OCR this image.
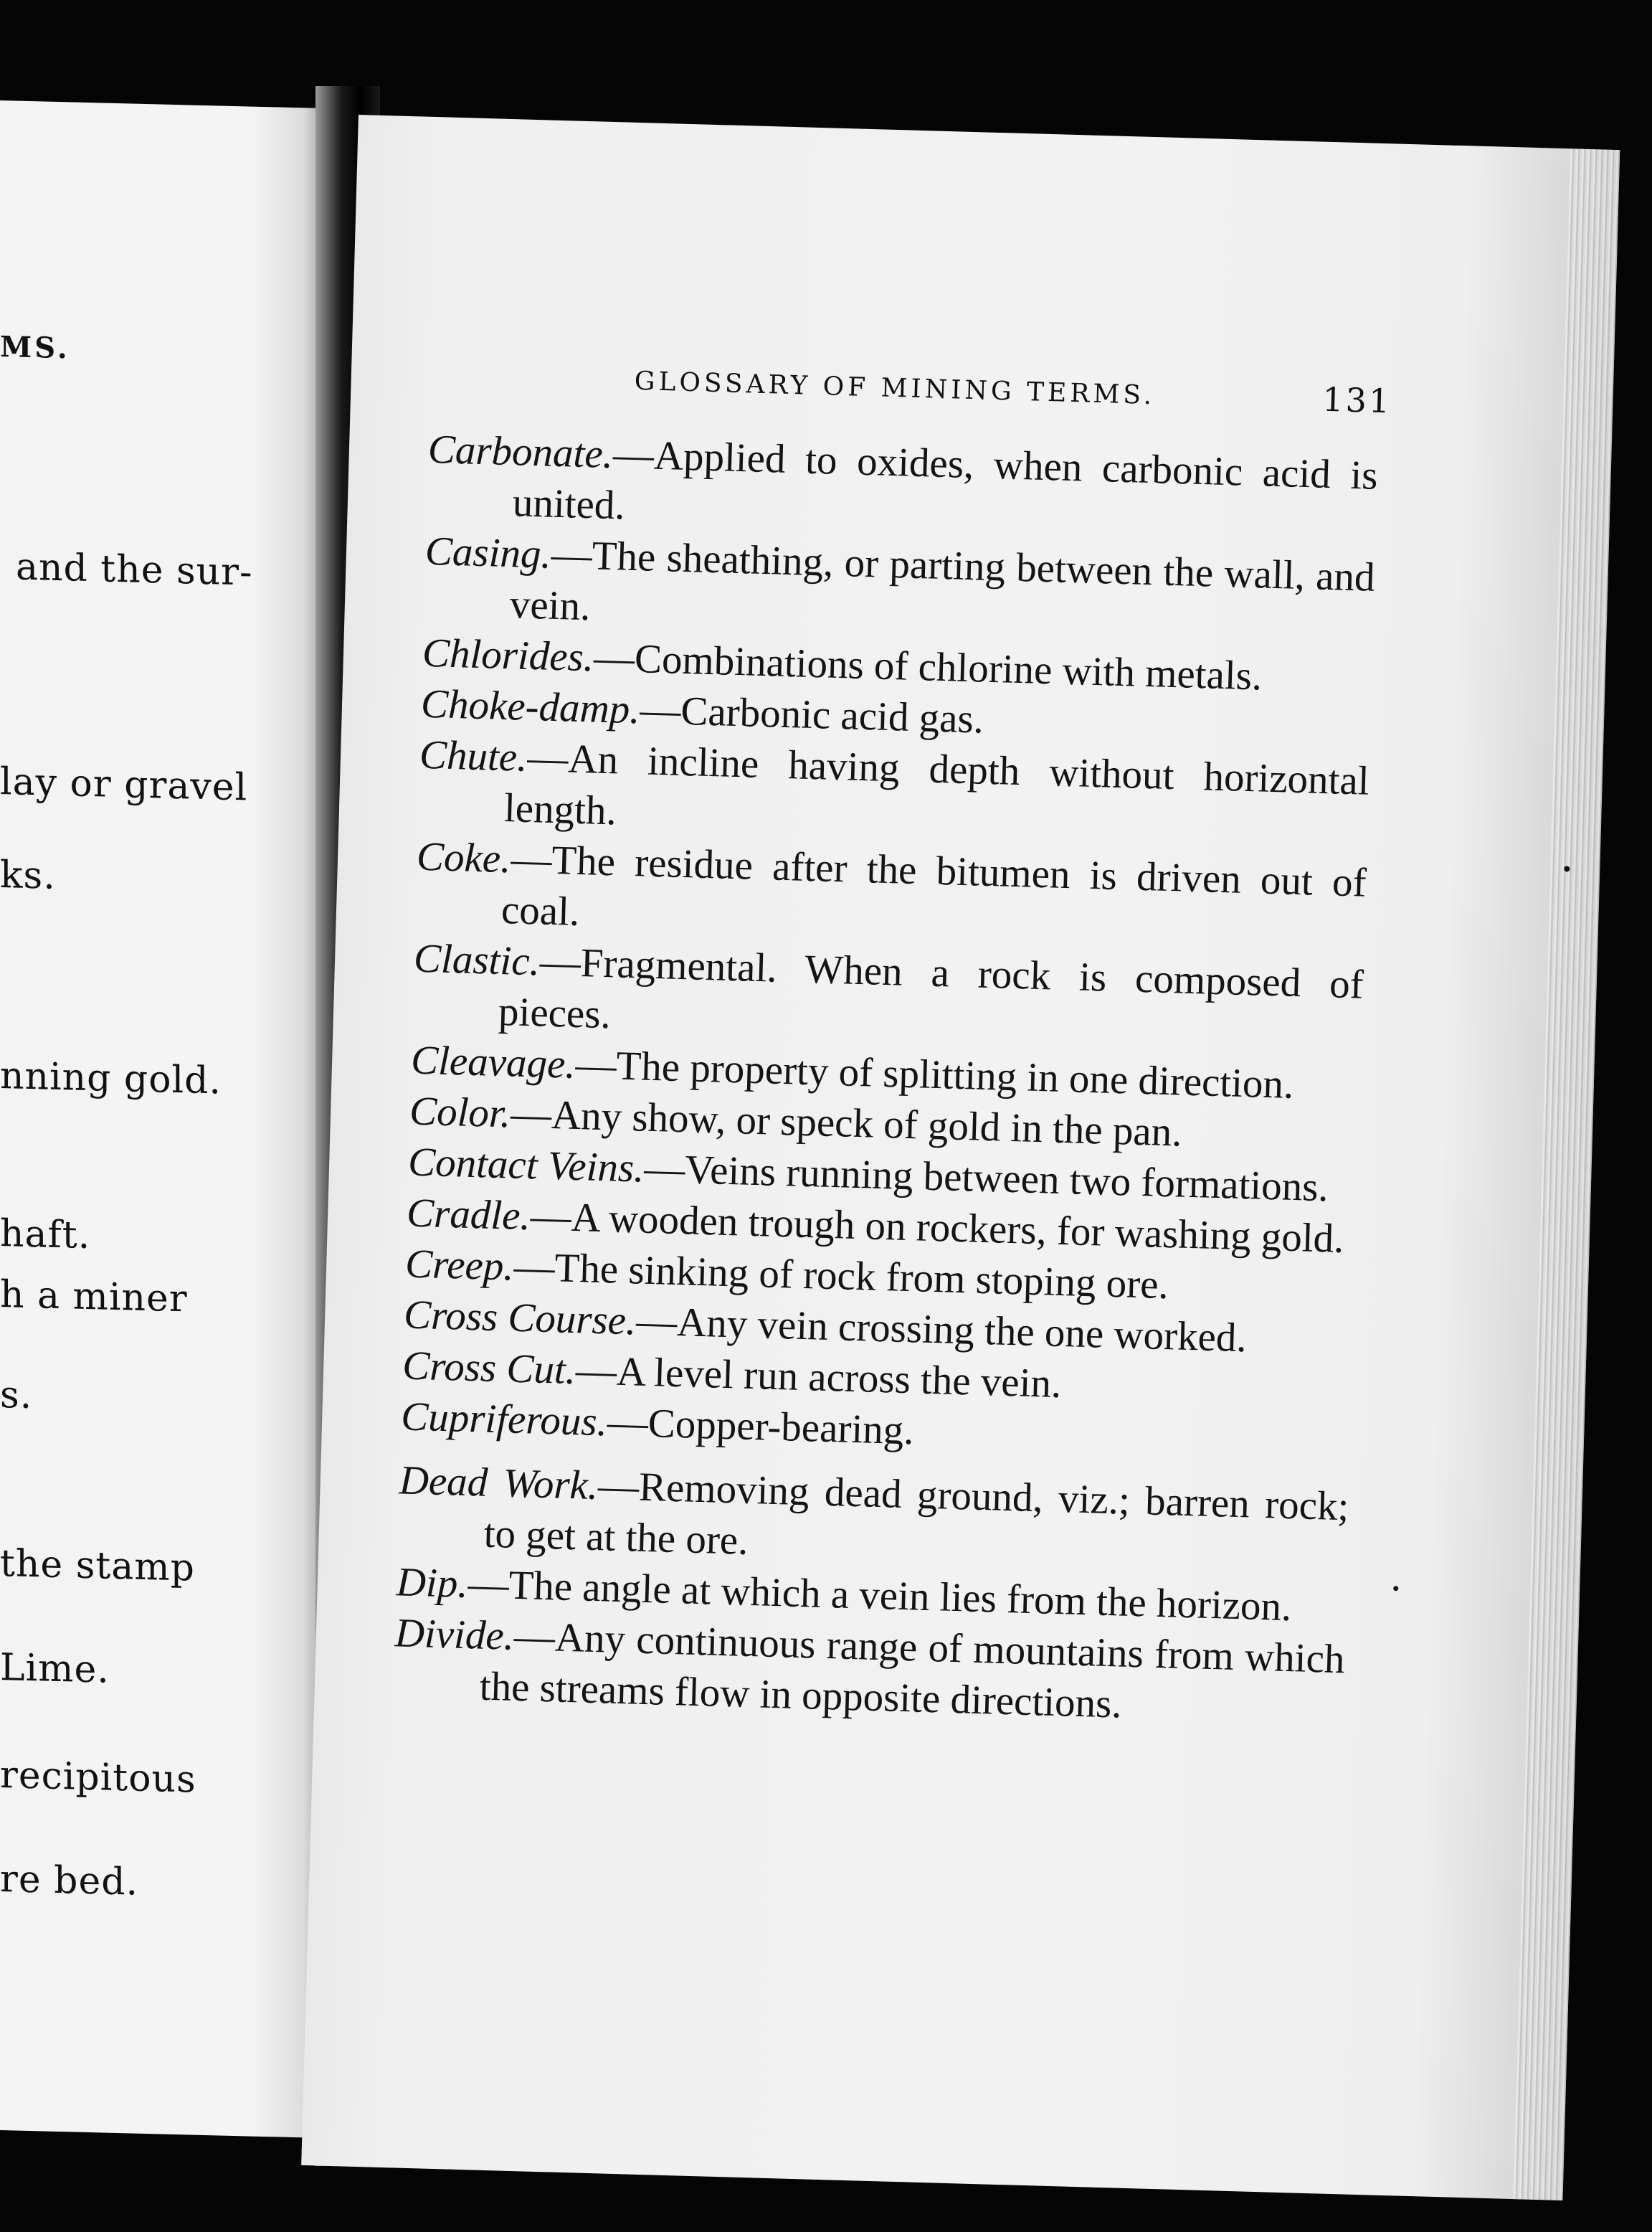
MS.
and the sur-
lay or gravel
ks.
nning gold.
haft.
h a miner
s.
the stamp
Lime.
recipitous
re bed.
GLOSSARY OF MINING TERMS.	131

Carbonate.—Applied to oxides, when carbonic acid is united.

Casing.—The sheathing, or parting between the wall, and vein.

Chlorides.—Combinations of chlorine with metals.

Choke-damp.—Carbonic acid gas.

Chute.—An incline having depth without horizontal length.

Coke.—The residue after the bitumen is driven out of coal.

Clastic.—Fragmental. When a rock is composed of pieces.

Cleavage.—The property of splitting in one direction.

Color.—Any show, or speck of gold in the pan.

Contact Veins.—Veins running between two formations.

Cradle.—A wooden trough on rockers, for washing gold.

Creep.—The sinking of rock from stoping ore.

Cross Course.—Any vein crossing the one worked.

Cross Cut.—A level run across the vein.

Cupriferous.—Copper-bearing.

Dead Work.—Removing dead ground, viz.; barren rock; to get at the ore.

Dip.—The angle at which a vein lies from the horizon.

Divide.—Any continuous range of mountains from which the streams flow in opposite directions.
